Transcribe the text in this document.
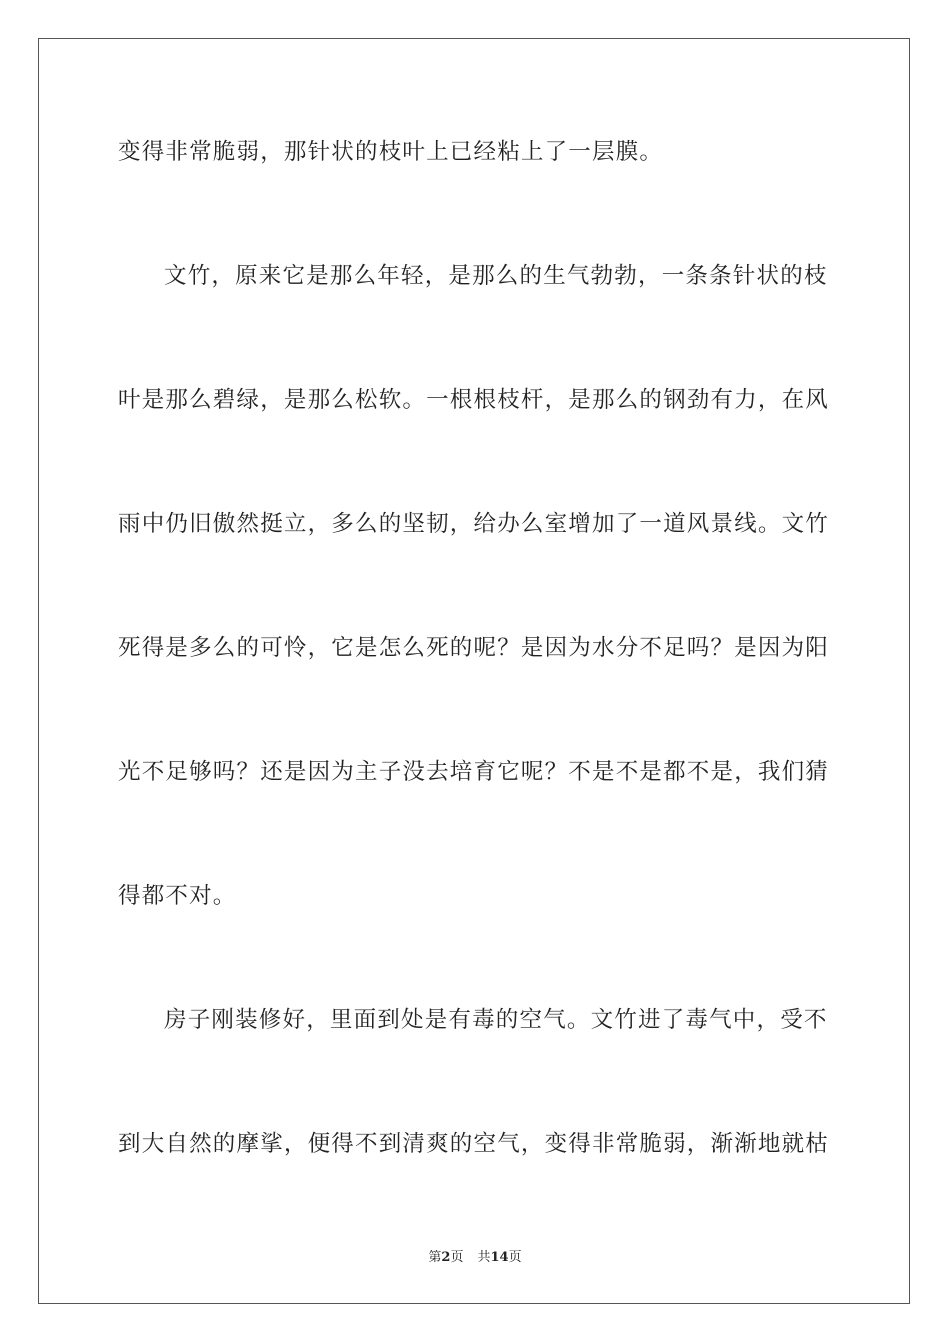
变得非常脆弱，那针状的枝叶上已经粘上了一层膜。
文竹，原来它是那么年轻，是那么的生气勃勃，一条条针状的枝
叶是那么碧绿，是那么松软。一根根枝杆，是那么的钢劲有力，在风
雨中仍旧傲然挺立，多么的坚韧，给办么室增加了一道风景线。文竹
死得是多么的可怜，它是怎么死的呢？是因为水分不足吗？是因为阳
光不足够吗？还是因为主子没去培育它呢？不是不是都不是，我们猜
得都不对。
房子刚装修好，里面到处是有毒的空气。文竹进了毒气中，受不
到大自然的摩挲，便得不到清爽的空气，变得非常脆弱，渐渐地就枯
第2页 共14页
